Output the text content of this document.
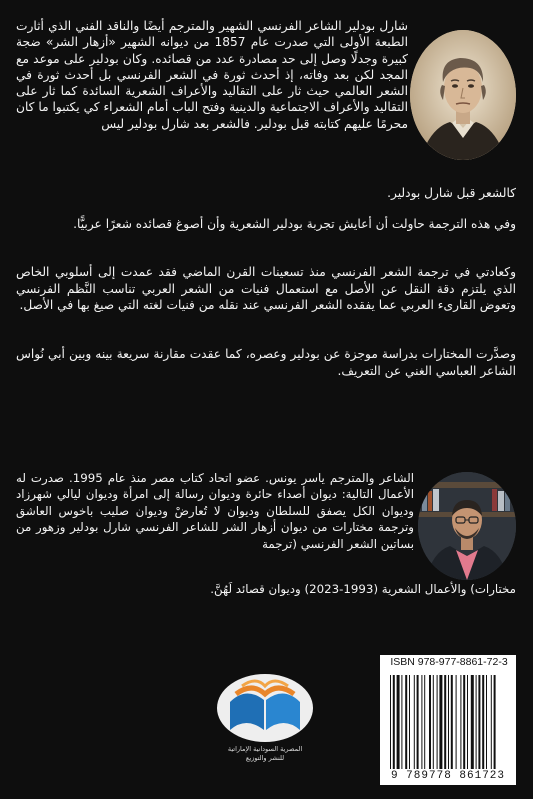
شارل بودلير الشاعر الفرنسي الشهير والمترجم أيضًا والناقد الفني الذي أثارت الطبعة الأولى التي صدرت عام 1857 من ديوانه الشهير «أزهار الشر» ضجة كبيرة وجدلًا وصل إلى حد مصادرة عدد من قصائده. وكان بودلير على موعد مع المجد لكن بعد وفاته، إذ أحدث ثورة في الشعر الفرنسي بل أحدث ثورة في الشعر العالمي حيث ثار على التقاليد والأعراف الشعرية السائدة كما ثار على التقاليد والأعراف الاجتماعية والدينية وفتح الباب أمام الشعراء كي يكتبوا ما كان محرمًا عليهم كتابته قبل بودلير. فالشعر بعد شارل بودلير ليس
كالشعر قبل شارل بودلير.
وفي هذه الترجمة حاولت أن أعايش تجربة بودلير الشعرية وأن أصوغ قصائده شعرًا عربيًّا.
وكعادتي في ترجمة الشعر الفرنسي منذ تسعينات القرن الماضي فقد عمدت إلى أسلوبي الخاص الذي يلتزم دقة النقل عن الأصل مع استعمال فنيات من الشعر العربي تناسب النَّظم الفرنسي وتعوض القارىء العربي عما يفقده الشعر الفرنسي عند نقله من فنيات لغته التي صيغ بها في الأصل.
وصدَّرت المختارات بدراسة موجزة عن بودلير وعصره، كما عقدت مقارنة سريعة بينه وبين أبي نُواس الشاعر العباسي الغني عن التعريف.
الشاعر والمترجم ياسر يونس. عضو اتحاد كتاب مصر منذ عام 1995. صدرت له الأعمال التالية: ديوان أصداء حائرة وديوان رسالة إلى امرأة وديوان ليالي شهرزاد وديوان الكل يصفق للسلطان وديوان لا تُعارضْ وديوان صليب باخوس العاشق وترجمة مختارات من ديوان أزهار الشر للشاعر الفرنسي شارل بودلير وزهور من بساتين الشعر الفرنسي (ترجمة
مختارات) والأعمال الشعرية (1993-2023) وديوان قصائد لَهُنَّ.
المصرية السودانية الإماراتية
للنشر والتوزيع
ISBN 978-977-8861-72-3
9 789778 861723
